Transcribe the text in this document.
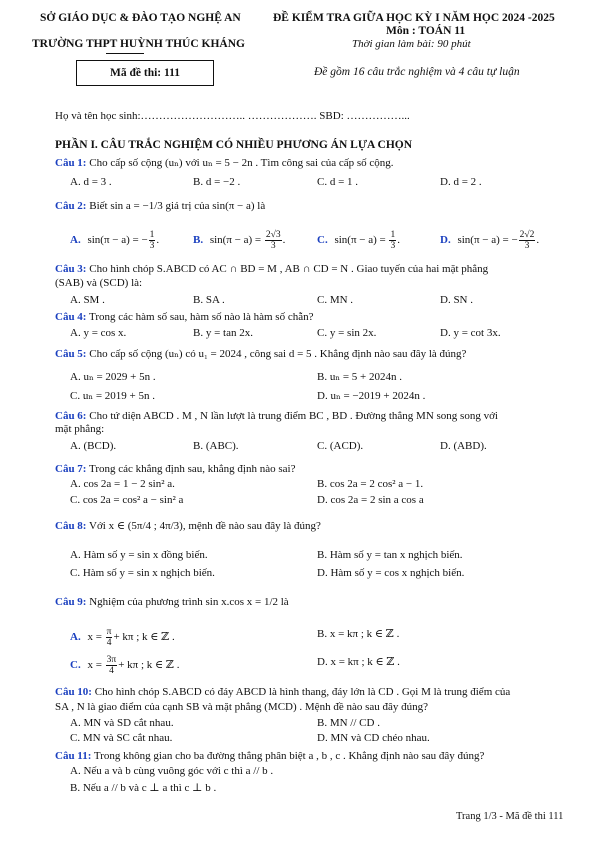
SỞ GIÁO DỤC & ĐÀO TẠO NGHỆ AN
TRƯỜNG THPT HUỲNH THÚC KHÁNG
ĐỀ KIỂM TRA GIỮA HỌC KỲ I NĂM HỌC 2024 -2025
Môn : TOÁN 11
Thời gian làm bài: 90 phút
Mã đề thi: 111	Đề gồm 16 câu trắc nghiệm và 4 câu tự luận
Họ và tên học sinh:……………………….. ………………. SBD: ……………...
PHẦN I. CÂU TRẮC NGHIỆM CÓ NHIỀU PHƯƠNG ÁN LỰA CHỌN
Câu 1: Cho cấp số cộng (uₙ) với uₙ = 5 − 2n . Tìm công sai của cấp số cộng.
A. d = 3 .	B. d = −2 .	C. d = 1 .	D. d = 2 .
Câu 2: Biết sin a = −1/3 giá trị của sin(π − a) là
A. sin(π − a) = − $\frac{1}{3}$ .	B. $\sin(\pi - a) = \frac{2√3}{3}$ .	C. $\sin(\pi - a) = \frac{1}{3}$ .	D. sin(π − a) = − $\frac{2√2}{3}$ .
Câu 3: Cho hình chóp S.ABCD có AC ∩ BD = M , AB ∩ CD = N . Giao tuyến của hai mặt phẳng
(SAB) và (SCD) là:
A. SM .	B. SA .	C. MN .	D. SN .
Câu 4: Trong các hàm số sau, hàm số nào là hàm số chẵn?
A. y = cos x.	B. y = tan 2x.	C. y = sin 2x.	D. y = cot 3x.
Câu 5: Cho cấp số cộng (uₙ) có u₁ = 2024 , công sai d = 5 . Khẳng định nào sau đây là đúng?
A. uₙ = 2029 + 5n .	B. uₙ = 5 + 2024n .
C. uₙ = 2019 + 5n .	D. uₙ = −2019 + 2024n .
Câu 6: Cho tứ diện ABCD . M , N lần lượt là trung điểm BC , BD . Đường thẳng MN song song với
mặt phẳng:
A. (BCD).	B. (ABC).	C. (ACD).	D. (ABD).
Câu 7: Trong các khẳng định sau, khẳng định nào sai?
A. cos 2a = 1 − 2 sin² a.	B. cos 2a = 2 cos² a − 1.
C. cos 2a = cos² a − sin² a	D. cos 2a = 2 sin a cos a
Câu 8: Với x ∈ (5π/4 ; 4π/3), mệnh đề nào sau đây là đúng?
A. Hàm số y = sin x đồng biến.	B. Hàm số y = tan x nghịch biến.
C. Hàm số y = sin x nghịch biến.	D. Hàm số y = cos x nghịch biến.
Câu 9: Nghiệm của phương trình sin x.cos x = 1/2 là
A. $x = \frac{\pi}{4} + k\pi$ ; k ∈ ℤ .	B. x = kπ ; k ∈ ℤ .
C. $x = \frac{3\pi}{4} + k\pi$ ; k ∈ ℤ .	D. x = kπ ; k ∈ ℤ .
Câu 10: Cho hình chóp S.ABCD có đáy ABCD là hình thang, đáy lớn là CD . Gọi M là trung điểm của
SA , N là giao điểm của cạnh SB và mặt phẳng (MCD) . Mệnh đề nào sau đây đúng?
A. MN và SD cắt nhau.	B. MN // CD .
C. MN và SC cắt nhau.	D. MN và CD chéo nhau.
Câu 11: Trong không gian cho ba đường thẳng phân biệt a , b , c . Khẳng định nào sau đây đúng?
A. Nếu a và b cùng vuông góc với c thì a // b .
B. Nếu a // b và c ⊥ a thì c ⊥ b .
Trang 1/3 - Mã đề thi 111
